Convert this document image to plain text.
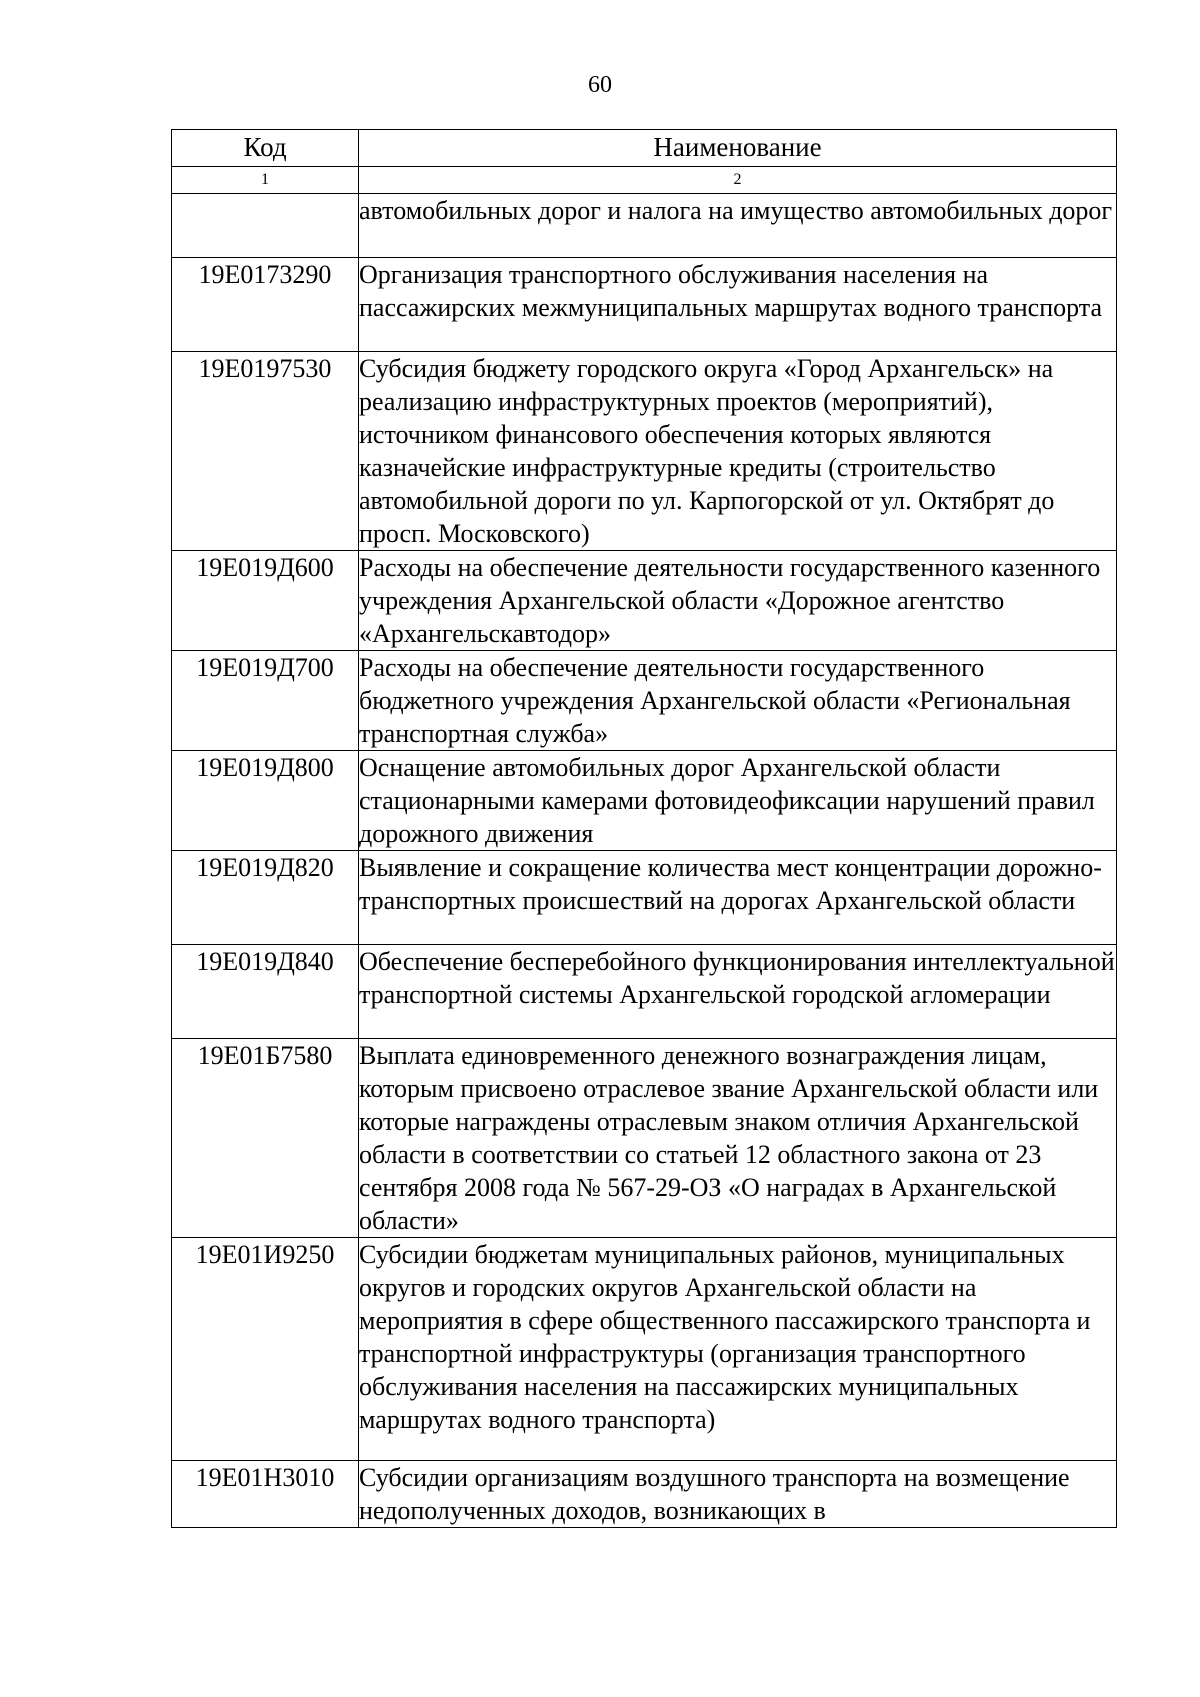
60
Код	Наименование
1	2
	автомобильных дорог и налога на имущество автомобильных дорог
19Е0173290	Организация транспортного обслуживания населения на пассажирских межмуниципальных маршрутах водного транспорта
19Е0197530	Субсидия бюджету городского округа «Город Архангельск» на реализацию инфраструктурных проектов (мероприятий), источником финансового обеспечения которых являются казначейские инфраструктурные кредиты (строительство автомобильной дороги по ул. Карпогорской от ул. Октябрят до просп. Московского)
19Е019Д600	Расходы на обеспечение деятельности государственного казенного учреждения Архангельской области «Дорожное агентство «Архангельскавтодор»
19Е019Д700	Расходы на обеспечение деятельности государственного бюджетного учреждения Архангельской области «Региональная транспортная служба»
19Е019Д800	Оснащение автомобильных дорог Архангельской области стационарными камерами фотовидеофиксации нарушений правил дорожного движения
19Е019Д820	Выявление и сокращение количества мест концентрации дорожно-транспортных происшествий на дорогах Архангельской области
19Е019Д840	Обеспечение бесперебойного функционирования интеллектуальной транспортной системы Архангельской городской агломерации
19Е01Б7580	Выплата единовременного денежного вознаграждения лицам, которым присвоено отраслевое звание Архангельской области или которые награждены отраслевым знаком отличия Архангельской области в соответствии со статьей 12 областного закона от 23 сентября 2008 года № 567-29-ОЗ «О наградах в Архангельской области»
19Е01И9250	Субсидии бюджетам муниципальных районов, муниципальных округов и городских округов Архангельской области на мероприятия в сфере общественного пассажирского транспорта и транспортной инфраструктуры (организация транспортного обслуживания населения на пассажирских муниципальных маршрутах водного транспорта)
19Е01Н3010	Субсидии организациям воздушного транспорта на возмещение недополученных доходов, возникающих в
